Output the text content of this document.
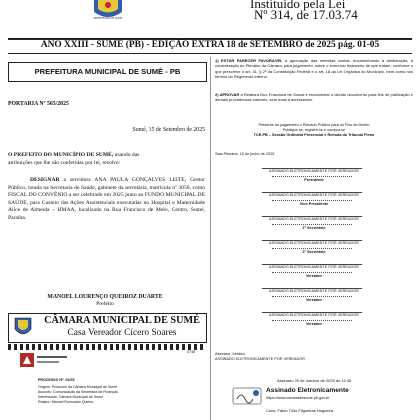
PREFEITURA DE SUMÉ
Instituído pela Lei
Nº 314, de 17.03.74
ANO XXIII - SUMÉ (PB) - EDIÇÃO EXTRA 18 de SETEMBRO de 2025 pág. 01-05
PREFEITURA MUNICIPAL DE SUMÉ - PB
PORTARIA Nº 565/2025
Sumé, 15 de Setembro de 2025
O PREFEITO DO MUNICÍPIO DE SUMÉ, usando das
atribuições que lhe são conferidas por lei, resolve:
DESIGNAR a servidora ANA PAULA GONÇALVES LEITE, Gestor Público, lotada na Secretaria de Saúde, gabinete da secretária, matrícula nº 3050, como FISCAL DO CONVÊNIO a ser celebrado em 2025 junto ao FUNDO MUNICIPAL DE SAÚDE, para Custeio das Ações Assistenciais executadas no Hospital e Maternidade Alice de Almeida – HMAA, localizado na Rua Francisco de Melo, Centro, Sumé, Paraíba.
MANOEL LOURENÇO QUEIROZ DUARTE
Prefeito
CÂMARA MUNICIPAL DE SUMÉ
Casa Vereador Cícero Soares
5746
PROCESSO Nº: 02/25
Origem: Protocolo da Câmara Municipal de Sumé
Assunto: Comunicação da Secretaria de Finanças
Interessado: Câmara Municipal de Sumé
Relator: Manoel Romualdo Quirino
1) ESTAR PARECER FAVORÁVEL à aprovação das referidas contas, encaminhando à deliberação, à consideração do Plenário da Câmara, para julgamento, sobre o exercício financeiro de que tratam, conforme o que prescreve o art. 31, § 2º da Constituição Federal e o art. 18 da Lei Orgânica do Município, bem como nos termos do Regimento Interno.
2) APROVAR a Relatora Dra. Francisca de Sousa e encaminhar o devido documento para fins de publicação e demais providências cabíveis, sem mais a acrescentar.
Presente ao julgamento o Plenário Público para os Fins de Direito
Publique-se, registre-se e cumpra-se
TCE-PB – Sessão Ordinária Presencial e Remota do Tribunal Pleno
Sala Plenária, 15 de junho de 2025
ASSINADO ELETRONICAMENTE POR VEREADOR
Presidente
ASSINADO ELETRONICAMENTE POR VEREADOR
Vice-Presidente
ASSINADO ELETRONICAMENTE POR VEREADOR
1º Secretário
ASSINADO ELETRONICAMENTE POR VEREADOR
2º Secretário
ASSINADO ELETRONICAMENTE POR VEREADOR
Vereador
ASSINADO ELETRONICAMENTE POR VEREADOR
Vereador
ASSINADO ELETRONICAMENTE POR VEREADOR
Vereador
Assessor Jurídico
ASSINADO ELETRONICAMENTE POR VEREADOR
Assinado 20 de outubro de 2025 às 12:45
Assinado Eletronicamente
https://www.camaradesume.pb.gov.br
Cons. Fábio Túlio Filgueiras Nogueira
